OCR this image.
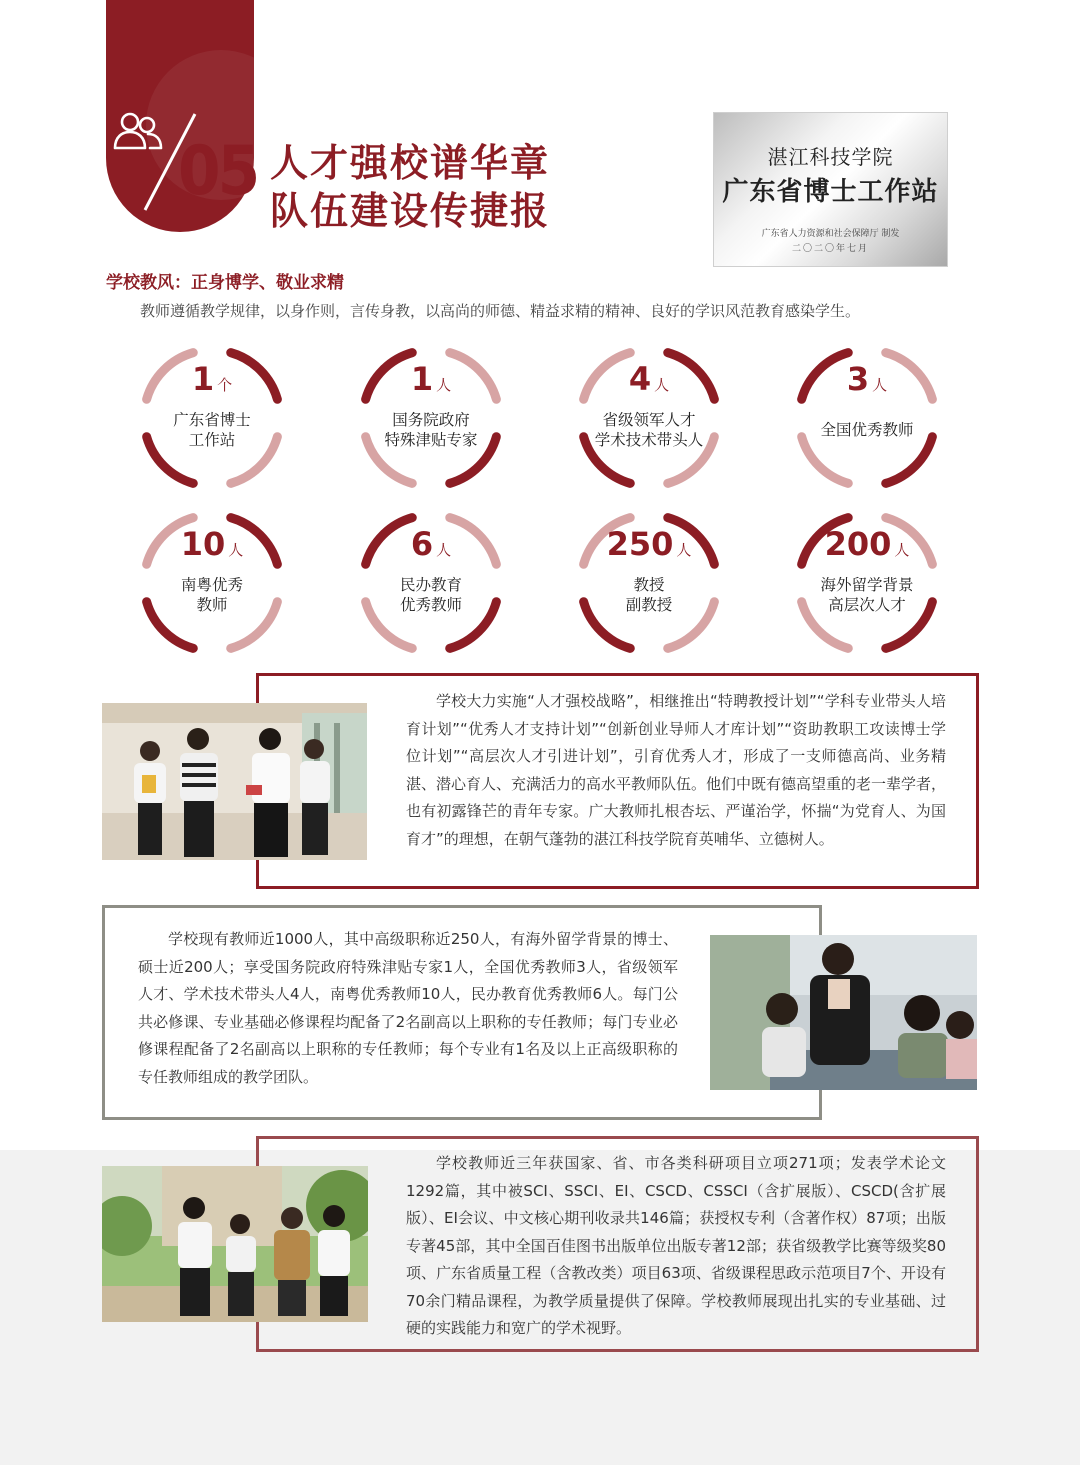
05 人才强校谱华章
队伍建设传捷报
湛江科技学院
广东省博士工作站
广东省人力资源和社会保障厅 制发
二〇二〇年七月
学校教风：正身博学、敬业求精
教师遵循教学规律，以身作则，言传身教，以高尚的师德、精益求精的精神、良好的学识风范教育感染学生。
1 个
广东省博士
工作站
1 人
国务院政府
特殊津贴专家
4 人
省级领军人才
学术技术带头人
3 人
全国优秀教师
10 人
南粤优秀
教师
6 人
民办教育
优秀教师
250 人
教授
副教授
200 人
海外留学背景
高层次人才
学校大力实施“人才强校战略”，相继推出“特聘教授计划”“学科专业带头人培育计划”“优秀人才支持计划”“创新创业导师人才库计划”“资助教职工攻读博士学位计划”“高层次人才引进计划”，引育优秀人才，形成了一支师德高尚、业务精湛、潜心育人、充满活力的高水平教师队伍。他们中既有德高望重的老一辈学者，也有初露锋芒的青年专家。广大教师扎根杏坛、严谨治学，怀揣“为党育人、为国育才”的理想，在朝气蓬勃的湛江科技学院育英哺华、立德树人。
学校现有教师近1000人，其中高级职称近250人，有海外留学背景的博士、硕士近200人；享受国务院政府特殊津贴专家1人，全国优秀教师3人，省级领军人才、学术技术带头人4人，南粤优秀教师10人，民办教育优秀教师6人。每门公共必修课、专业基础必修课程均配备了2名副高以上职称的专任教师；每门专业必修课程配备了2名副高以上职称的专任教师；每个专业有1名及以上正高级职称的专任教师组成的教学团队。
学校教师近三年获国家、省、市各类科研项目立项271项；发表学术论文1292篇，其中被SCI、SSCI、EI、CSCD、CSSCI（含扩展版）、CSCD(含扩展版）、EI会议、中文核心期刊收录共146篇；获授权专利（含著作权）87项；出版专著45部，其中全国百佳图书出版单位出版专著12部；获省级教学比赛等级奖80项、广东省质量工程（含教改类）项目63项、省级课程思政示范项目7个、开设有70余门精品课程，为教学质量提供了保障。学校教师展现出扎实的专业基础、过硬的实践能力和宽广的学术视野。
